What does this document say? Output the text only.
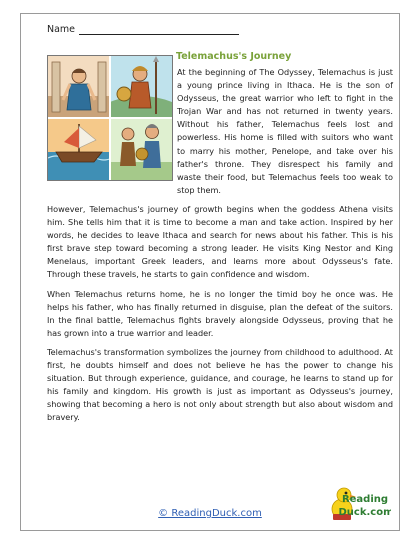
Name
Telemachus's Journey

At the beginning of The Odyssey, Telemachus is just a young prince living in Ithaca. He is the son of Odysseus, the great warrior who left to fight in the Trojan War and has not returned in twenty years. Without his father, Telemachus feels lost and powerless. His home is filled with suitors who want to marry his mother, Penelope, and take over his father's throne. They disrespect his family and waste their food, but Telemachus feels too weak to stop them.

However, Telemachus's journey of growth begins when the goddess Athena visits him. She tells him that it is time to become a man and take action. Inspired by her words, he decides to leave Ithaca and search for news about his father. This is his first brave step toward becoming a strong leader. He visits King Nestor and King Menelaus, important Greek leaders, and learns more about Odysseus's fate. Through these travels, he starts to gain confidence and wisdom.

When Telemachus returns home, he is no longer the timid boy he once was. He helps his father, who has finally returned in disguise, plan the defeat of the suitors. In the final battle, Telemachus fights bravely alongside Odysseus, proving that he has grown into a true warrior and leader.

Telemachus's transformation symbolizes the journey from childhood to adulthood. At first, he doubts himself and does not believe he has the power to change his situation. But through experience, guidance, and courage, he learns to stand up for his family and kingdom. His growth is just as important as Odysseus's journey, showing that becoming a hero is not only about strength but also about wisdom and bravery.

© ReadingDuck.com
Reading
Duck.com
